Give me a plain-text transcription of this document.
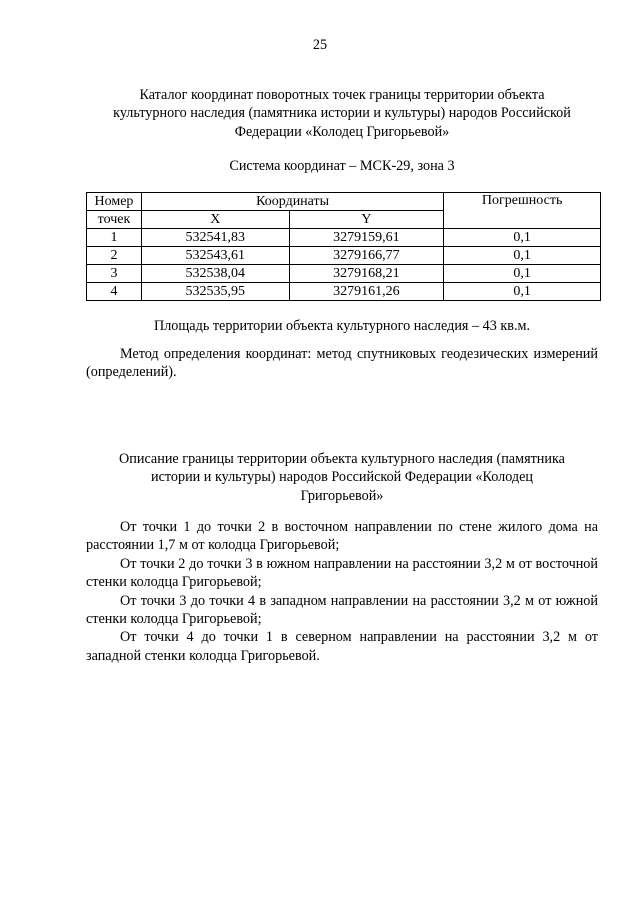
25
Каталог координат поворотных точек границы территории объекта
культурного наследия (памятника истории и культуры) народов Российской
Федерации «Колодец Григорьевой»
Система координат – МСК-29, зона 3
Номер	Координаты		Погрешность
точек	X	Y	
1	532541,83	3279159,61	0,1
2	532543,61	3279166,77	0,1
3	532538,04	3279168,21	0,1
4	532535,95	3279161,26	0,1
Площадь территории объекта культурного наследия – 43 кв.м.

Метод определения координат: метод спутниковых геодезических измерений (определений).

Описание границы территории объекта культурного наследия (памятника
истории и культуры) народов Российской Федерации «Колодец
Григорьевой»

От точки 1 до точки 2 в восточном направлении по стене жилого дома на расстоянии 1,7 м от колодца Григорьевой;

От точки 2 до точки 3 в южном направлении на расстоянии 3,2 м от восточной стенки колодца Григорьевой;

От точки 3 до точки 4 в западном направлении на расстоянии 3,2 м от южной стенки колодца Григорьевой;

От точки 4 до точки 1 в северном направлении на расстоянии 3,2 м от западной стенки колодца Григорьевой.
